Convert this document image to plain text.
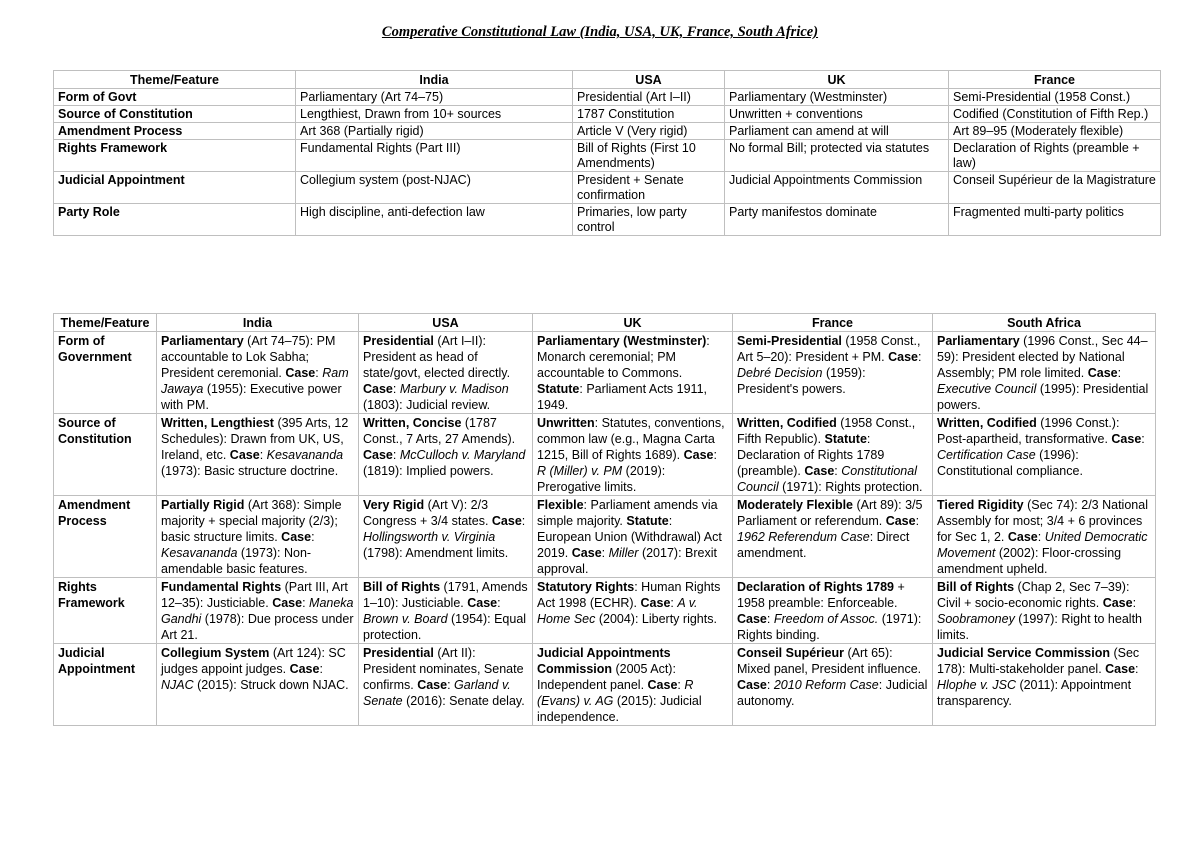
Comperative Constitutional Law (India, USA, UK, France, South Africe)
Theme/Feature	India	USA	UK	France
Form of Govt	Parliamentary (Art 74–75)	Presidential (Art I–II)	Parliamentary (Westminster)	Semi-Presidential (1958 Const.)
Source of Constitution	Lengthiest, Drawn from 10+ sources	1787 Constitution	Unwritten + conventions	Codified (Constitution of Fifth Rep.)
Amendment Process	Art 368 (Partially rigid)	Article V (Very rigid)	Parliament can amend at will	Art 89–95 (Moderately flexible)
Rights Framework	Fundamental Rights (Part III)	Bill of Rights (First 10 Amendments)	No formal Bill; protected via statutes	Declaration of Rights (preamble + law)
Judicial Appointment	Collegium system (post-NJAC)	President + Senate confirmation	Judicial Appointments Commission	Conseil Supérieur de la Magistrature
Party Role	High discipline, anti-defection law	Primaries, low party control	Party manifestos dominate	Fragmented multi-party politics
Theme/Feature	India	USA	UK	France	South Africa
Form of Government	Parliamentary (Art 74–75): PM accountable to Lok Sabha; President ceremonial. Case: Ram Jawaya (1955): Executive power with PM.	Presidential (Art I–II): President as head of state/govt, elected directly. Case: Marbury v. Madison (1803): Judicial review.	Parliamentary (Westminster): Monarch ceremonial; PM accountable to Commons. Statute: Parliament Acts 1911, 1949.	Semi-Presidential (1958 Const., Art 5–20): President + PM. Case: Debré Decision (1959): President's powers.	Parliamentary (1996 Const., Sec 44–59): President elected by National Assembly; PM role limited. Case: Executive Council (1995): Presidential powers.
Source of Constitution	Written, Lengthiest (395 Arts, 12 Schedules): Drawn from UK, US, Ireland, etc. Case: Kesavananda (1973): Basic structure doctrine.	Written, Concise (1787 Const., 7 Arts, 27 Amends). Case: McCulloch v. Maryland (1819): Implied powers.	Unwritten: Statutes, conventions, common law (e.g., Magna Carta 1215, Bill of Rights 1689). Case: R (Miller) v. PM (2019): Prerogative limits.	Written, Codified (1958 Const., Fifth Republic). Statute: Declaration of Rights 1789 (preamble). Case: Constitutional Council (1971): Rights protection.	Written, Codified (1996 Const.): Post-apartheid, transformative. Case: Certification Case (1996): Constitutional compliance.
Amendment Process	Partially Rigid (Art 368): Simple majority + special majority (2/3); basic structure limits. Case: Kesavananda (1973): Non-amendable basic features.	Very Rigid (Art V): 2/3 Congress + 3/4 states. Case: Hollingsworth v. Virginia (1798): Amendment limits.	Flexible: Parliament amends via simple majority. Statute: European Union (Withdrawal) Act 2019. Case: Miller (2017): Brexit approval.	Moderately Flexible (Art 89): 3/5 Parliament or referendum. Case: 1962 Referendum Case: Direct amendment.	Tiered Rigidity (Sec 74): 2/3 National Assembly for most; 3/4 + 6 provinces for Sec 1, 2. Case: United Democratic Movement (2002): Floor-crossing amendment upheld.
Rights Framework	Fundamental Rights (Part III, Art 12–35): Justiciable. Case: Maneka Gandhi (1978): Due process under Art 21.	Bill of Rights (1791, Amends 1–10): Justiciable. Case: Brown v. Board (1954): Equal protection.	Statutory Rights: Human Rights Act 1998 (ECHR). Case: A v. Home Sec (2004): Liberty rights.	Declaration of Rights 1789 + 1958 preamble: Enforceable. Case: Freedom of Assoc. (1971): Rights binding.	Bill of Rights (Chap 2, Sec 7–39): Civil + socio-economic rights. Case: Soobramoney (1997): Right to health limits.
Judicial Appointment	Collegium System (Art 124): SC judges appoint judges. Case: NJAC (2015): Struck down NJAC.	Presidential (Art II): President nominates, Senate confirms. Case: Garland v. Senate (2016): Senate delay.	Judicial Appointments Commission (2005 Act): Independent panel. Case: R (Evans) v. AG (2015): Judicial independence.	Conseil Supérieur (Art 65): Mixed panel, President influence. Case: 2010 Reform Case: Judicial autonomy.	Judicial Service Commission (Sec 178): Multi-stakeholder panel. Case: Hlophe v. JSC (2011): Appointment transparency.
